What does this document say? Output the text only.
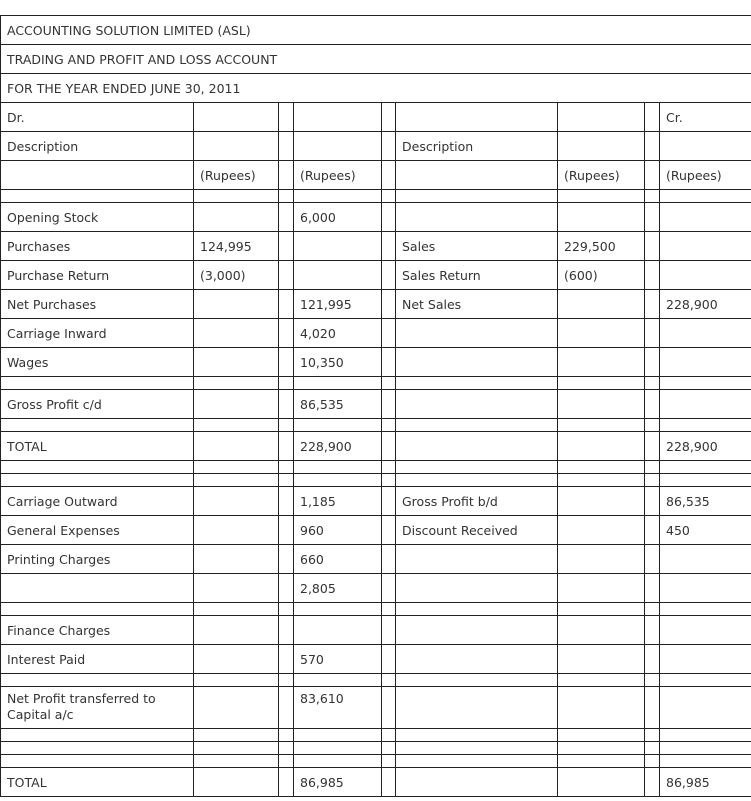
ACCOUNTING SOLUTION LIMITED (ASL)								
TRADING AND PROFIT AND LOSS ACCOUNT								
FOR THE YEAR ENDED JUNE 30, 2011								
Dr.								Cr.
Description					Description			
	(Rupees)		(Rupees)			(Rupees)		(Rupees)

Opening Stock			6,000					
Purchases	124,995				Sales	229,500		
Purchase Return	(3,000)				Sales Return	(600)		
Net Purchases			121,995		Net Sales			228,900
Carriage Inward			4,020					
Wages			10,350					

Gross Profit c/d			86,535					

TOTAL			228,900					228,900

Carriage Outward			1,185		Gross Profit b/d			86,535
General Expenses			960		Discount Received			450
Printing Charges			660					
			2,805					

Finance Charges								
Interest Paid			570					

Net Profit transferred to Capital a/c			83,610					

TOTAL			86,985					86,985
